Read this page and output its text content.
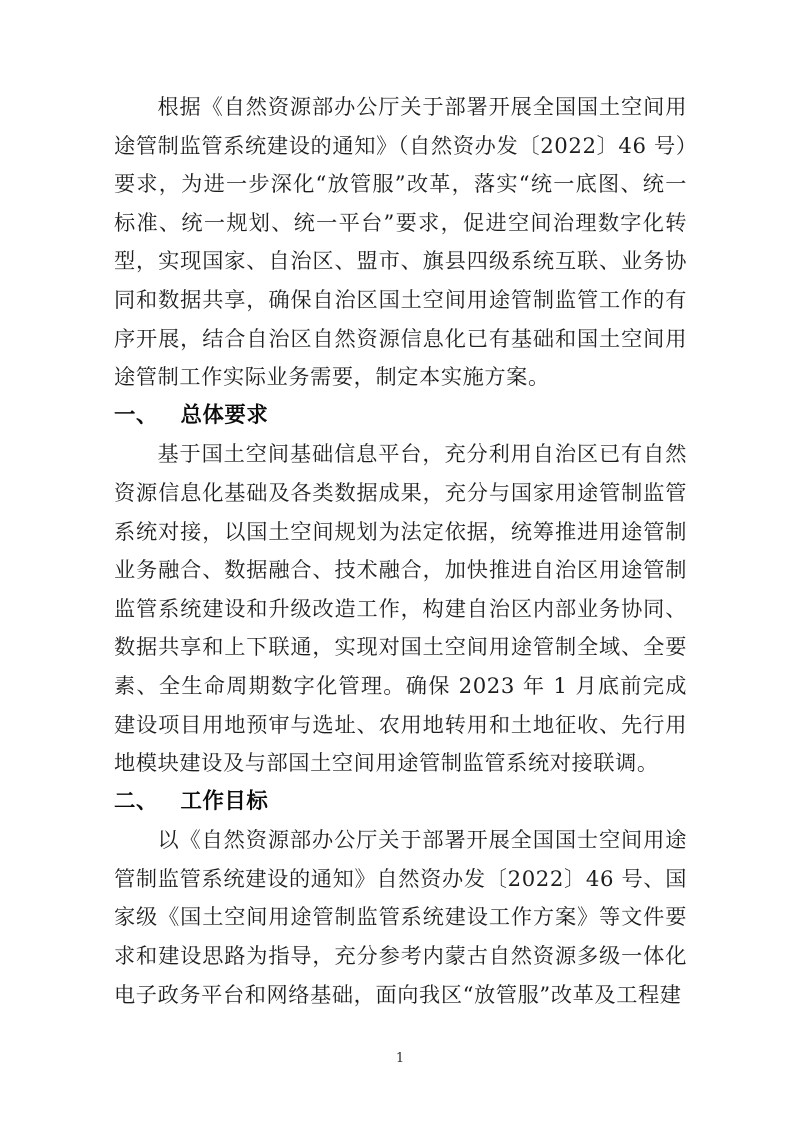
根据《自然资源部办公厅关于部署开展全国国土空间用途管制监管系统建设的通知》（自然资办发〔2022〕46 号）要求，为进一步深化“放管服”改革，落实“统一底图、统一标准、统一规划、统一平台”要求，促进空间治理数字化转型，实现国家、自治区、盟市、旗县四级系统互联、业务协同和数据共享，确保自治区国土空间用途管制监管工作的有序开展，结合自治区自然资源信息化已有基础和国土空间用途管制工作实际业务需要，制定本实施方案。

一、 总体要求

基于国土空间基础信息平台，充分利用自治区已有自然资源信息化基础及各类数据成果，充分与国家用途管制监管系统对接，以国土空间规划为法定依据，统筹推进用途管制业务融合、数据融合、技术融合，加快推进自治区用途管制监管系统建设和升级改造工作，构建自治区内部业务协同、数据共享和上下联通，实现对国土空间用途管制全域、全要素、全生命周期数字化管理。确保 2023 年 1 月底前完成建设项目用地预审与选址、农用地转用和土地征收、先行用地模块建设及与部国土空间用途管制监管系统对接联调。

二、 工作目标

以《自然资源部办公厅关于部署开展全国国士空间用途管制监管系统建设的通知》自然资办发〔2022〕46 号、国家级《国土空间用途管制监管系统建设工作方案》等文件要求和建设思路为指导，充分参考内蒙古自然资源多级一体化电子政务平台和网络基础，面向我区“放管服”改革及工程建

1
